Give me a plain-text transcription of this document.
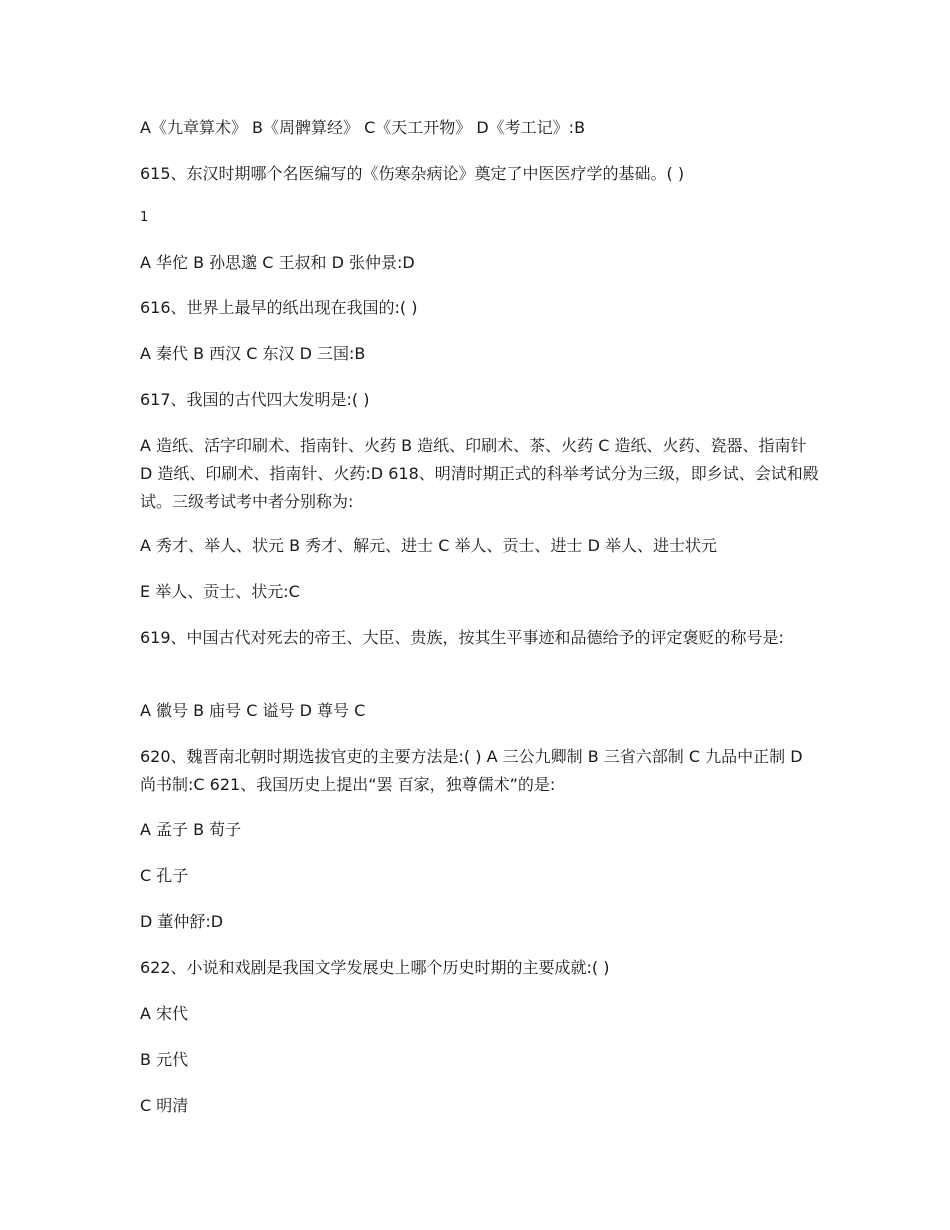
A《九章算术》 B《周髀算经》 C《天工开物》 D《考工记》:B
615、东汉时期哪个名医编写的《伤寒杂病论》奠定了中医医疗学的基础。( )
1
A 华佗 B 孙思邈 C 王叔和 D 张仲景:D
616、世界上最早的纸出现在我国的:( )
A 秦代 B 西汉 C 东汉 D 三国:B
617、我国的古代四大发明是:( )
A 造纸、活字印刷术、指南针、火药 B 造纸、印刷术、茶、火药 C 造纸、火药、瓷器、指南针 D 造纸、印刷术、指南针、火药:D 618、明清时期正式的科举考试分为三级，即乡试、会试和殿试。三级考试考中者分别称为:
A 秀才、举人、状元 B 秀才、解元、进士 C 举人、贡士、进士 D 举人、进士状元
E 举人、贡士、状元:C
619、中国古代对死去的帝王、大臣、贵族，按其生平事迹和品德给予的评定褒贬的称号是:
A 徽号 B 庙号 C 谥号 D 尊号 C
620、魏晋南北朝时期选拔官吏的主要方法是:( ) A 三公九卿制 B 三省六部制 C 九品中正制 D 尚书制:C 621、我国历史上提出“罢 百家，独尊儒术”的是:
A 孟子 B 荀子
C 孔子
D 董仲舒:D
622、小说和戏剧是我国文学发展史上哪个历史时期的主要成就:( )
A 宋代
B 元代
C 明清
